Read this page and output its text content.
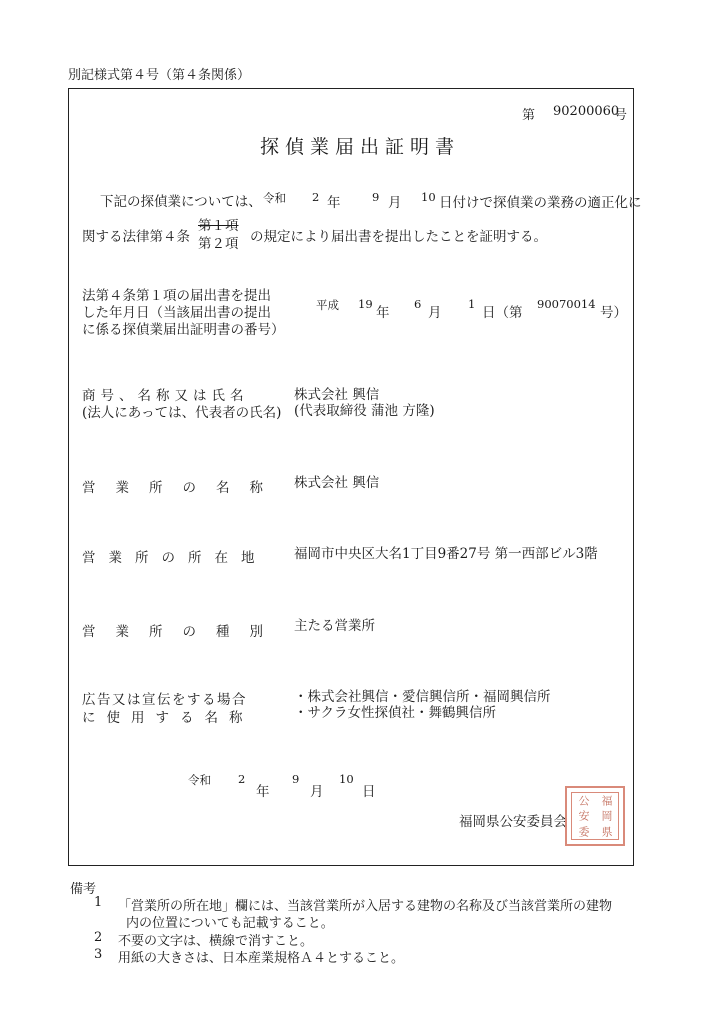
別記様式第４号（第４条関係）
第 90200060
号
探偵業届出証明書
下記の探偵業については、 令和 2 年	9 月 10 日付けで探偵業の業務の適正化に
関する法律第４条
第１項
第２項 の規定により届出書を提出したことを証明する。
法第４条第１項の届出書を提出
した年月日（当該届出書の提出
に係る探偵業届出証明書の番号）
平成 19
年
6
月
1
日（第
90070014
号）
商号、名称又は氏名
(法人にあっては、代表者の氏名)
株式会社 興信
(代表取締役 蒲池 方隆)
営業所の名称 株式会社 興信
営業所の所在地 福岡市中央区大名1丁目9番27号 第一西部ビル3階
営業所の種別 主たる営業所
広告又は宣伝をする場合
に使用する名称
・株式会社興信・愛信興信所・福岡興信所
・サクラ女性探偵社・舞鶴興信所
令和 2
年
9
月
10
日
福岡県公安委員会
福
岡
県
公
安
委
備考
1 「営業所の所在地」欄には、当該営業所が入居する建物の名称及び当該営業所の建物
内の位置についても記載すること。
2 不要の文字は、横線で消すこと。
3 用紙の大きさは、日本産業規格Ａ４とすること。
